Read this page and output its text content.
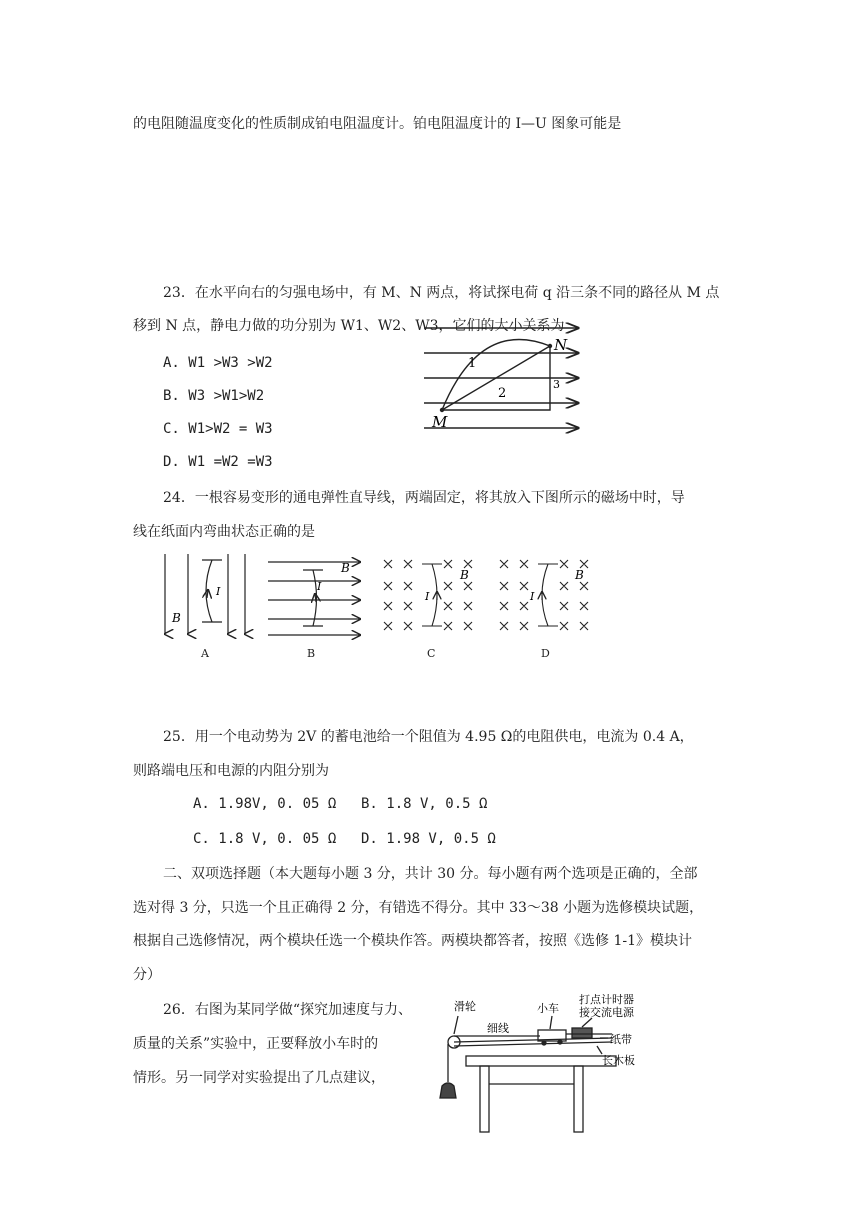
的电阻随温度变化的性质制成铂电阻温度计。铂电阻温度计的 I—U 图象可能是
23．在水平向右的匀强电场中，有 M、N 两点，将试探电荷 q 沿三条不同的路径从 M 点
移到 N 点，静电力做的功分别为 W1、W2、W3，它们的大小关系为
A. W1 >W3 >W2
B. W3 >W1>W2
C. W1>W2 = W3
D. W1 =W2 =W3
M
N
1
2
3
24．一根容易变形的通电弹性直导线，两端固定，将其放入下图所示的磁场中时，导
线在纸面内弯曲状态正确的是
B
I
A
B
I
B
B
I
C
B
I
D
25．用一个电动势为 2V 的蓄电池给一个阻值为 4.95 Ω的电阻供电，电流为 0.4 A，
则路端电压和电源的内阻分别为
A. 1.98V, 0. 05 Ω B. 1.8 V, 0.5 Ω
C. 1.8 V, 0. 05 Ω D. 1.98 V, 0.5 Ω
二、双项选择题（本大题每小题 3 分，共计 30 分。每小题有两个选项是正确的，全部
选对得 3 分，只选一个且正确得 2 分，有错选不得分。其中 33～38 小题为选修模块试题，
根据自己选修情况，两个模块任选一个模块作答。两模块都答者，按照《选修 1-1》模块计
分）
26．右图为某同学做“探究加速度与力、
质量的关系”实验中，正要释放小车时的
情形。另一同学对实验提出了几点建议，
滑轮
细线
小车
打点计时器
接交流电源
纸带
长木板
